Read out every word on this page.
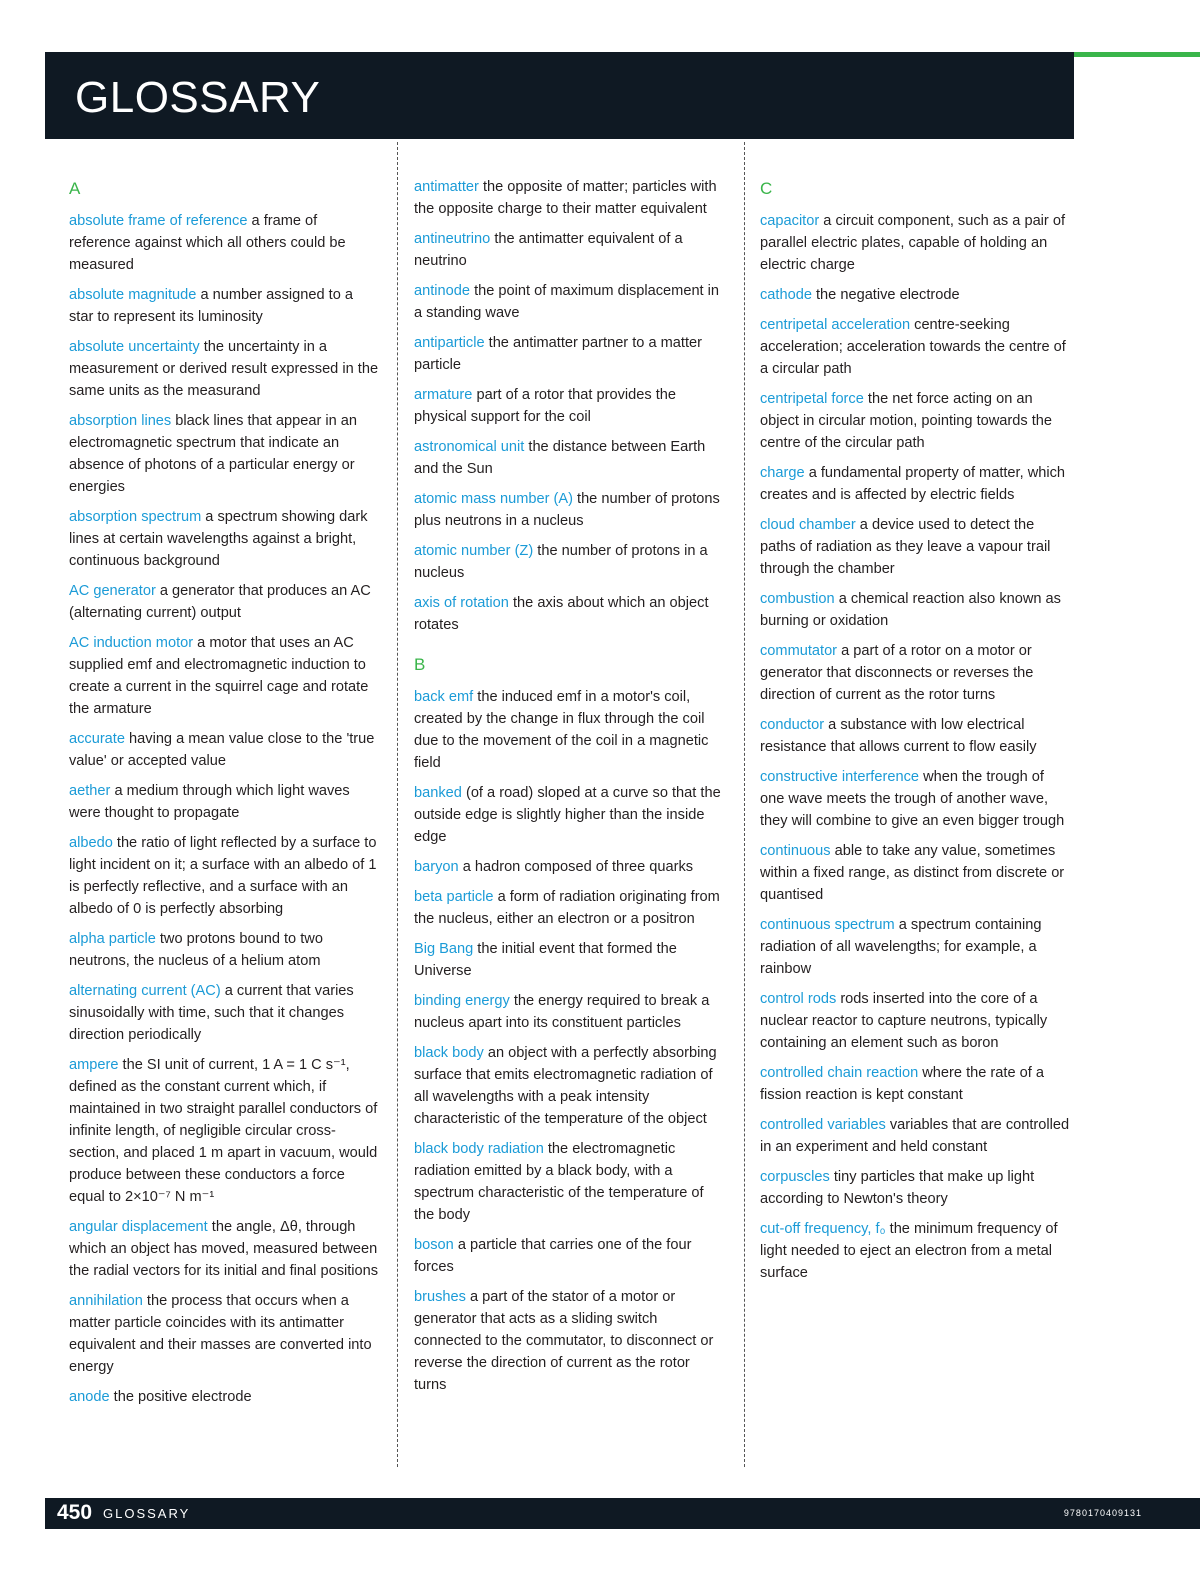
GLOSSARY
A
absolute frame of reference a frame of reference against which all others could be measured
absolute magnitude a number assigned to a star to represent its luminosity
absolute uncertainty the uncertainty in a measurement or derived result expressed in the same units as the measurand
absorption lines black lines that appear in an electromagnetic spectrum that indicate an absence of photons of a particular energy or energies
absorption spectrum a spectrum showing dark lines at certain wavelengths against a bright, continuous background
AC generator a generator that produces an AC (alternating current) output
AC induction motor a motor that uses an AC supplied emf and electromagnetic induction to create a current in the squirrel cage and rotate the armature
accurate having a mean value close to the 'true value' or accepted value
aether a medium through which light waves were thought to propagate
albedo the ratio of light reflected by a surface to light incident on it; a surface with an albedo of 1 is perfectly reflective, and a surface with an albedo of 0 is perfectly absorbing
alpha particle two protons bound to two neutrons, the nucleus of a helium atom
alternating current (AC) a current that varies sinusoidally with time, such that it changes direction periodically
ampere the SI unit of current, 1 A = 1 C s⁻¹, defined as the constant current which, if maintained in two straight parallel conductors of infinite length, of negligible circular cross-section, and placed 1 m apart in vacuum, would produce between these conductors a force equal to 2×10⁻⁷ N m⁻¹
angular displacement the angle, Δθ, through which an object has moved, measured between the radial vectors for its initial and final positions
annihilation the process that occurs when a matter particle coincides with its antimatter equivalent and their masses are converted into energy
anode the positive electrode
antimatter the opposite of matter; particles with the opposite charge to their matter equivalent
antineutrino the antimatter equivalent of a neutrino
antinode the point of maximum displacement in a standing wave
antiparticle the antimatter partner to a matter particle
armature part of a rotor that provides the physical support for the coil
astronomical unit the distance between Earth and the Sun
atomic mass number (A) the number of protons plus neutrons in a nucleus
atomic number (Z) the number of protons in a nucleus
axis of rotation the axis about which an object rotates
B
back emf the induced emf in a motor's coil, created by the change in flux through the coil due to the movement of the coil in a magnetic field
banked (of a road) sloped at a curve so that the outside edge is slightly higher than the inside edge
baryon a hadron composed of three quarks
beta particle a form of radiation originating from the nucleus, either an electron or a positron
Big Bang the initial event that formed the Universe
binding energy the energy required to break a nucleus apart into its constituent particles
black body an object with a perfectly absorbing surface that emits electromagnetic radiation of all wavelengths with a peak intensity characteristic of the temperature of the object
black body radiation the electromagnetic radiation emitted by a black body, with a spectrum characteristic of the temperature of the body
boson a particle that carries one of the four forces
brushes a part of the stator of a motor or generator that acts as a sliding switch connected to the commutator, to disconnect or reverse the direction of current as the rotor turns
C
capacitor a circuit component, such as a pair of parallel electric plates, capable of holding an electric charge
cathode the negative electrode
centripetal acceleration centre-seeking acceleration; acceleration towards the centre of a circular path
centripetal force the net force acting on an object in circular motion, pointing towards the centre of the circular path
charge a fundamental property of matter, which creates and is affected by electric fields
cloud chamber a device used to detect the paths of radiation as they leave a vapour trail through the chamber
combustion a chemical reaction also known as burning or oxidation
commutator a part of a rotor on a motor or generator that disconnects or reverses the direction of current as the rotor turns
conductor a substance with low electrical resistance that allows current to flow easily
constructive interference when the trough of one wave meets the trough of another wave, they will combine to give an even bigger trough
continuous able to take any value, sometimes within a fixed range, as distinct from discrete or quantised
continuous spectrum a spectrum containing radiation of all wavelengths; for example, a rainbow
control rods rods inserted into the core of a nuclear reactor to capture neutrons, typically containing an element such as boron
controlled chain reaction where the rate of a fission reaction is kept constant
controlled variables variables that are controlled in an experiment and held constant
corpuscles tiny particles that make up light according to Newton's theory
cut-off frequency, f₀ the minimum frequency of light needed to eject an electron from a metal surface
450 GLOSSARY	9780170409131
